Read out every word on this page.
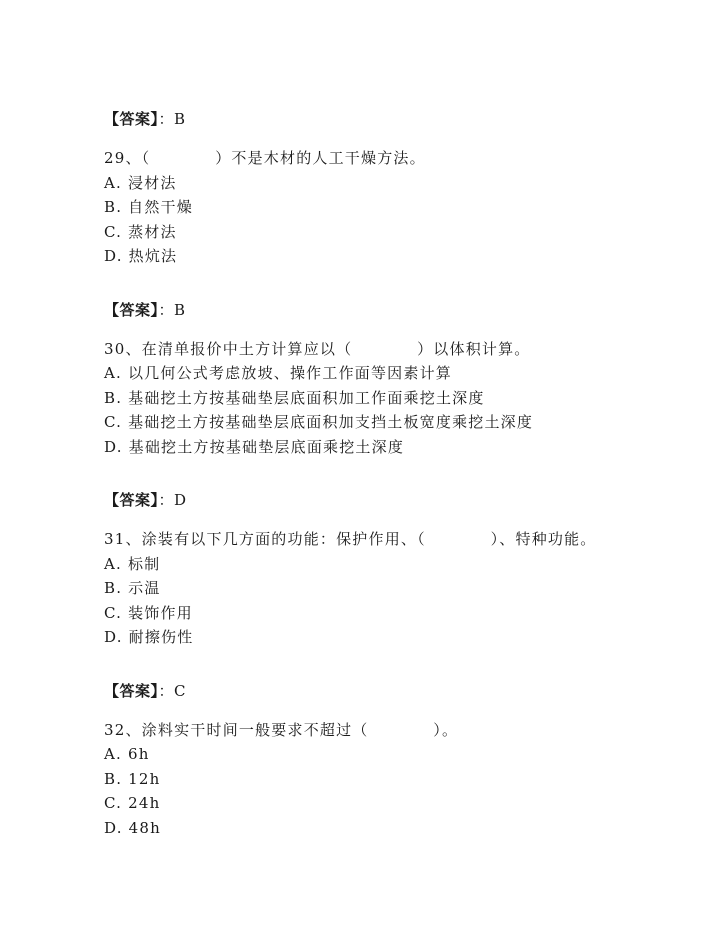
【答案】：B
29、（　　　　）不是木材的人工干燥方法。
A. 浸材法
B. 自然干燥
C. 蒸材法
D. 热炕法
【答案】：B
30、在清单报价中土方计算应以（　　　　）以体积计算。
A. 以几何公式考虑放坡、操作工作面等因素计算
B. 基础挖土方按基础垫层底面积加工作面乘挖土深度
C. 基础挖土方按基础垫层底面积加支挡土板宽度乘挖土深度
D. 基础挖土方按基础垫层底面乘挖土深度
【答案】：D
31、涂装有以下几方面的功能：保护作用、（　　　　）、特种功能。
A. 标制
B. 示温
C. 装饰作用
D. 耐擦伤性
【答案】：C
32、涂料实干时间一般要求不超过（　　　　）。
A. 6h
B. 12h
C. 24h
D. 48h
